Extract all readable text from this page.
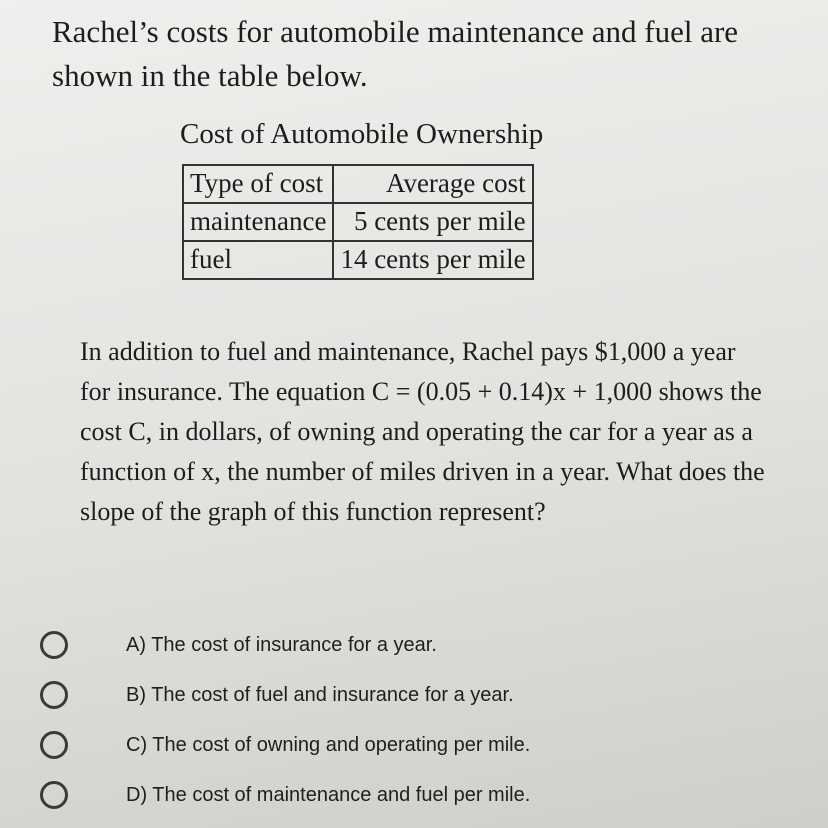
Rachel’s costs for automobile maintenance and fuel are shown in the table below.

Cost of Automobile Ownership

Type of cost	Average cost
maintenance	5 cents per mile
fuel	14 cents per mile

In addition to fuel and maintenance, Rachel pays $1,000 a year for insurance. The equation C = (0.05 + 0.14)x + 1,000 shows the cost C, in dollars, of owning and operating the car for a year as a function of x, the number of miles driven in a year. What does the slope of the graph of this function represent?

A) The cost of insurance for a year.
B) The cost of fuel and insurance for a year.
C) The cost of owning and operating per mile.
D) The cost of maintenance and fuel per mile.
